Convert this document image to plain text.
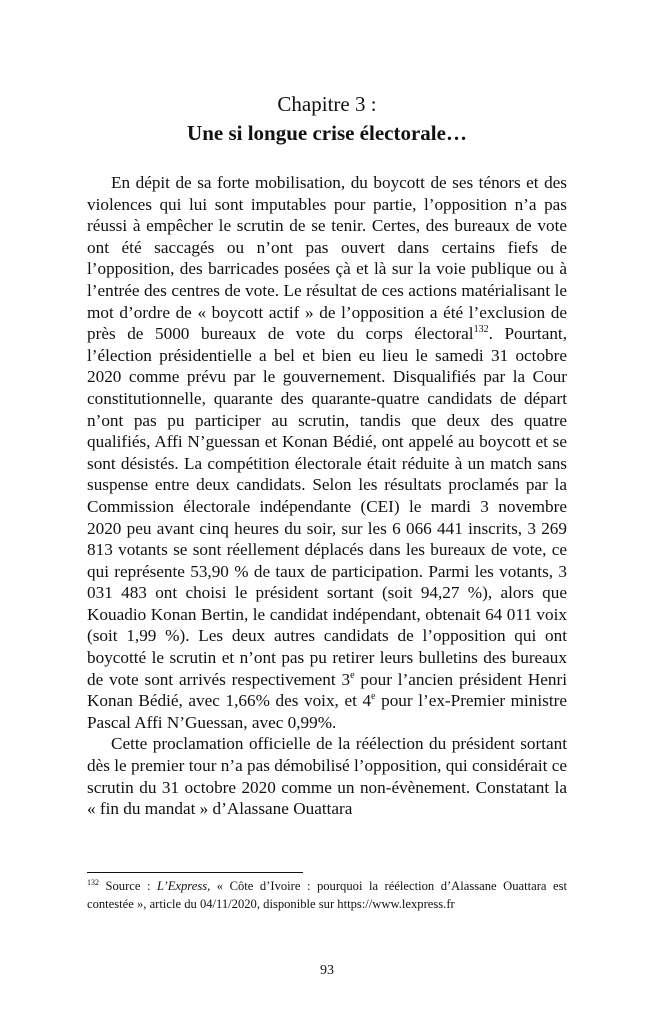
Chapitre 3 :
Une si longue crise électorale…

En dépit de sa forte mobilisation, du boycott de ses ténors et des violences qui lui sont imputables pour partie, l’opposition n’a pas réussi à empêcher le scrutin de se tenir. Certes, des bureaux de vote ont été saccagés ou n’ont pas ouvert dans certains fiefs de l’opposition, des barricades posées çà et là sur la voie publique ou à l’entrée des centres de vote. Le résultat de ces actions matérialisant le mot d’ordre de « boycott actif » de l’opposition a été l’exclusion de près de 5000 bureaux de vote du corps électoral$^{132}$. Pourtant, l’élection présidentielle a bel et bien eu lieu le samedi 31 octobre 2020 comme prévu par le gouvernement. Disqualifiés par la Cour constitutionnelle, quarante des quarante-quatre candidats de départ n’ont pas pu participer au scrutin, tandis que deux des quatre qualifiés, Affi N’guessan et Konan Bédié, ont appelé au boycott et se sont désistés. La compétition électorale était réduite à un match sans suspense entre deux candidats. Selon les résultats proclamés par la Commission électorale indépendante (CEI) le mardi 3 novembre 2020 peu avant cinq heures du soir, sur les 6 066 441 inscrits, 3 269 813 votants se sont réellement déplacés dans les bureaux de vote, ce qui représente 53,90 % de taux de participation. Parmi les votants, 3 031 483 ont choisi le président sortant (soit 94,27 %), alors que Kouadio Konan Bertin, le candidat indépendant, obtenait 64 011 voix (soit 1,99 %). Les deux autres candidats de l’opposition qui ont boycotté le scrutin et n’ont pas pu retirer leurs bulletins des bureaux de vote sont arrivés respectivement 3e pour l’ancien président Henri Konan Bédié, avec 1,66% des voix, et 4e pour l’ex-Premier ministre Pascal Affi N’Guessan, avec 0,99%.

Cette proclamation officielle de la réélection du président sortant dès le premier tour n’a pas démobilisé l’opposition, qui considérait ce scrutin du 31 octobre 2020 comme un non-évènement. Constatant la « fin du mandat » d’Alassane Ouattara

$^{132}$ Source : L’Express, « Côte d’Ivoire : pourquoi la réélection d’Alassane Ouattara est contestée », article du 04/11/2020, disponible sur https://www.lexpress.fr

93
